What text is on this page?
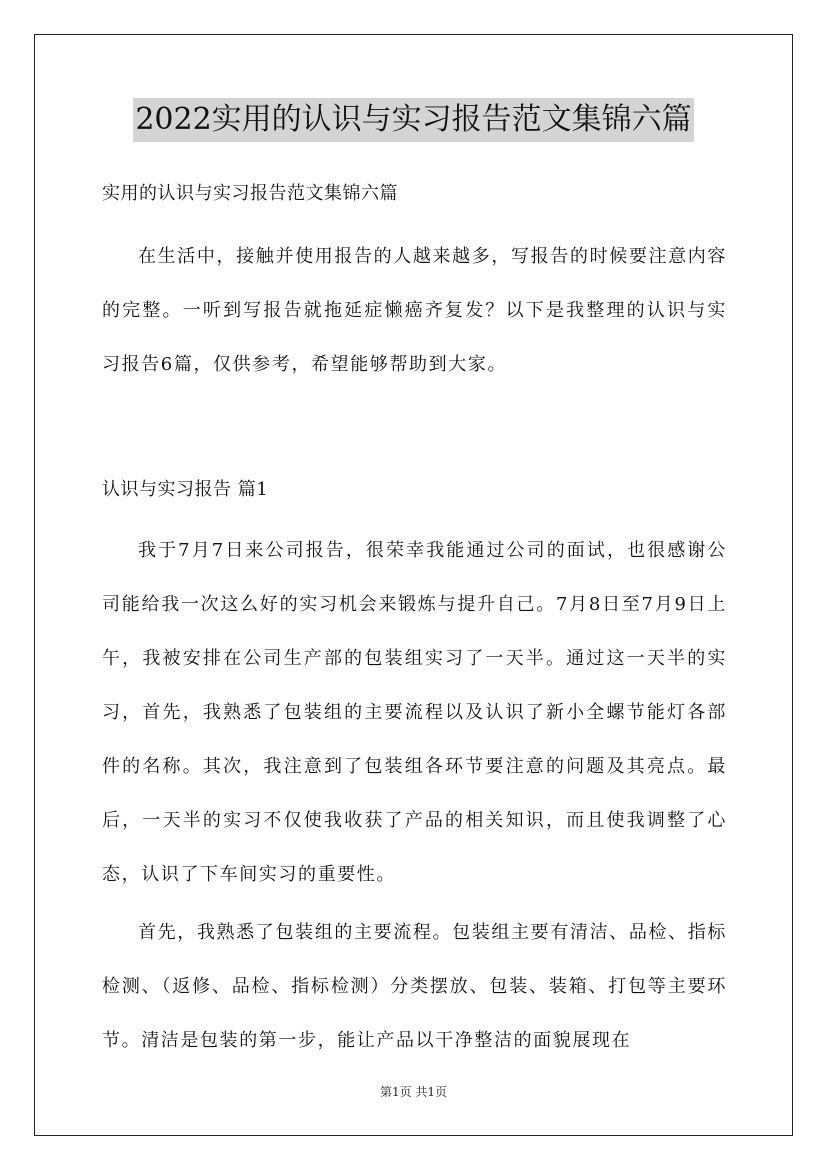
2022实用的认识与实习报告范文集锦六篇
实用的认识与实习报告范文集锦六篇

在生活中，接触并使用报告的人越来越多，写报告的时候要注意内容的完整。一听到写报告就拖延症懒癌齐复发？以下是我整理的认识与实习报告6篇，仅供参考，希望能够帮助到大家。

认识与实习报告 篇1

我于7月7日来公司报告，很荣幸我能通过公司的面试，也很感谢公司能给我一次这么好的实习机会来锻炼与提升自己。7月8日至7月9日上午，我被安排在公司生产部的包装组实习了一天半。通过这一天半的实习，首先，我熟悉了包装组的主要流程以及认识了新小全螺节能灯各部件的名称。其次，我注意到了包装组各环节要注意的问题及其亮点。最后，一天半的实习不仅使我收获了产品的相关知识，而且使我调整了心态，认识了下车间实习的重要性。

首先，我熟悉了包装组的主要流程。包装组主要有清洁、品检、指标检测、（返修、品检、指标检测）分类摆放、包装、装箱、打包等主要环节。清洁是包装的第一步，能让产品以干净整洁的面貌展现在

第1页 共1页
